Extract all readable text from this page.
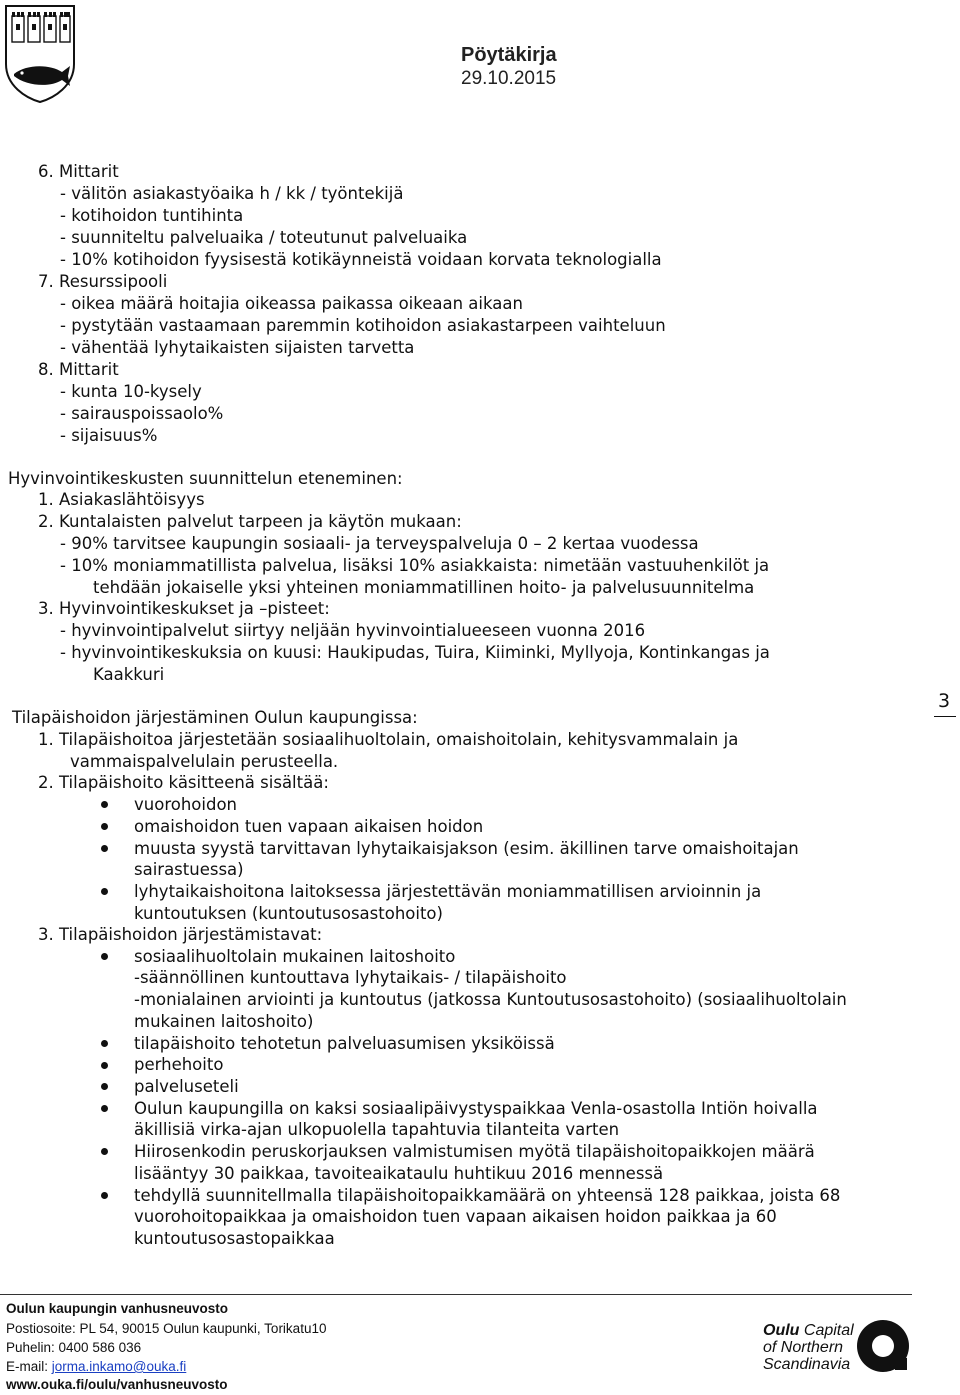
Pöytäkirja
29.10.2015
6. Mittarit
- välitön asiakastyöaika h / kk / työntekijä
- kotihoidon tuntihinta
- suunniteltu palveluaika / toteutunut palveluaika
- 10% kotihoidon fyysisestä kotikäynneistä voidaan korvata teknologialla
7. Resurssipooli
- oikea määrä hoitajia oikeassa paikassa oikeaan aikaan
- pystytään vastaamaan paremmin kotihoidon asiakastarpeen vaihteluun
- vähentää lyhytaikaisten sijaisten tarvetta
8. Mittarit
- kunta 10-kysely
- sairauspoissaolo%
- sijaisuus%
Hyvinvointikeskusten suunnittelun eteneminen:
1. Asiakaslähtöisyys
2. Kuntalaisten palvelut tarpeen ja käytön mukaan:
- 90% tarvitsee kaupungin sosiaali- ja terveyspalveluja 0 – 2 kertaa vuodessa
- 10% moniammatillista palvelua, lisäksi 10% asiakkaista: nimetään vastuuhenkilöt ja
tehdään jokaiselle yksi yhteinen moniammatillinen hoito- ja palvelusuunnitelma
3. Hyvinvointikeskukset ja –pisteet:
- hyvinvointipalvelut siirtyy neljään hyvinvointialueeseen vuonna 2016
- hyvinvointikeskuksia on kuusi: Haukipudas, Tuira, Kiiminki, Myllyoja, Kontinkangas ja
Kaakkuri
Tilapäishoidon järjestäminen Oulun kaupungissa:
1. Tilapäishoitoa järjestetään sosiaalihuoltolain, omaishoitolain, kehitysvammalain ja
vammaispalvelulain perusteella.
2. Tilapäishoito käsitteenä sisältää:
vuorohoidon
omaishoidon tuen vapaan aikaisen hoidon
muusta syystä tarvittavan lyhytaikaisjakson (esim. äkillinen tarve omaishoitajan
sairastuessa)
lyhytaikaishoitona laitoksessa järjestettävän moniammatillisen arvioinnin ja
kuntoutuksen (kuntoutusosastohoito)
3. Tilapäishoidon järjestämistavat:
sosiaalihuoltolain mukainen laitoshoito
-säännöllinen kuntouttava lyhytaikais- / tilapäishoito
-monialainen arviointi ja kuntoutus (jatkossa Kuntoutusosastohoito) (sosiaalihuoltolain
mukainen laitoshoito)
tilapäishoito tehotetun palveluasumisen yksiköissä
perhehoito
palveluseteli
Oulun kaupungilla on kaksi sosiaalipäivystyspaikkaa Venla-osastolla Intiön hoivalla
äkillisiä virka-ajan ulkopuolella tapahtuvia tilanteita varten
Hiirosenkodin peruskorjauksen valmistumisen myötä tilapäishoitopaikkojen määrä
lisääntyy 30 paikkaa, tavoiteaikataulu huhtikuu 2016 mennessä
tehdyllä suunnitellmalla tilapäishoitopaikkamäärä on yhteensä 128 paikkaa, joista 68
vuorohoitopaikkaa ja omaishoidon tuen vapaan aikaisen hoidon paikkaa ja 60
kuntoutusosastopaikkaa
3
Oulun kaupungin vanhusneuvosto
Postiosoite: PL 54, 90015 Oulun kaupunki, Torikatu10
Puhelin: 0400 586 036
E-mail: jorma.inkamo@ouka.fi
www.ouka.fi/oulu/vanhusneuvosto
Oulu Capital
of Northern
Scandinavia
